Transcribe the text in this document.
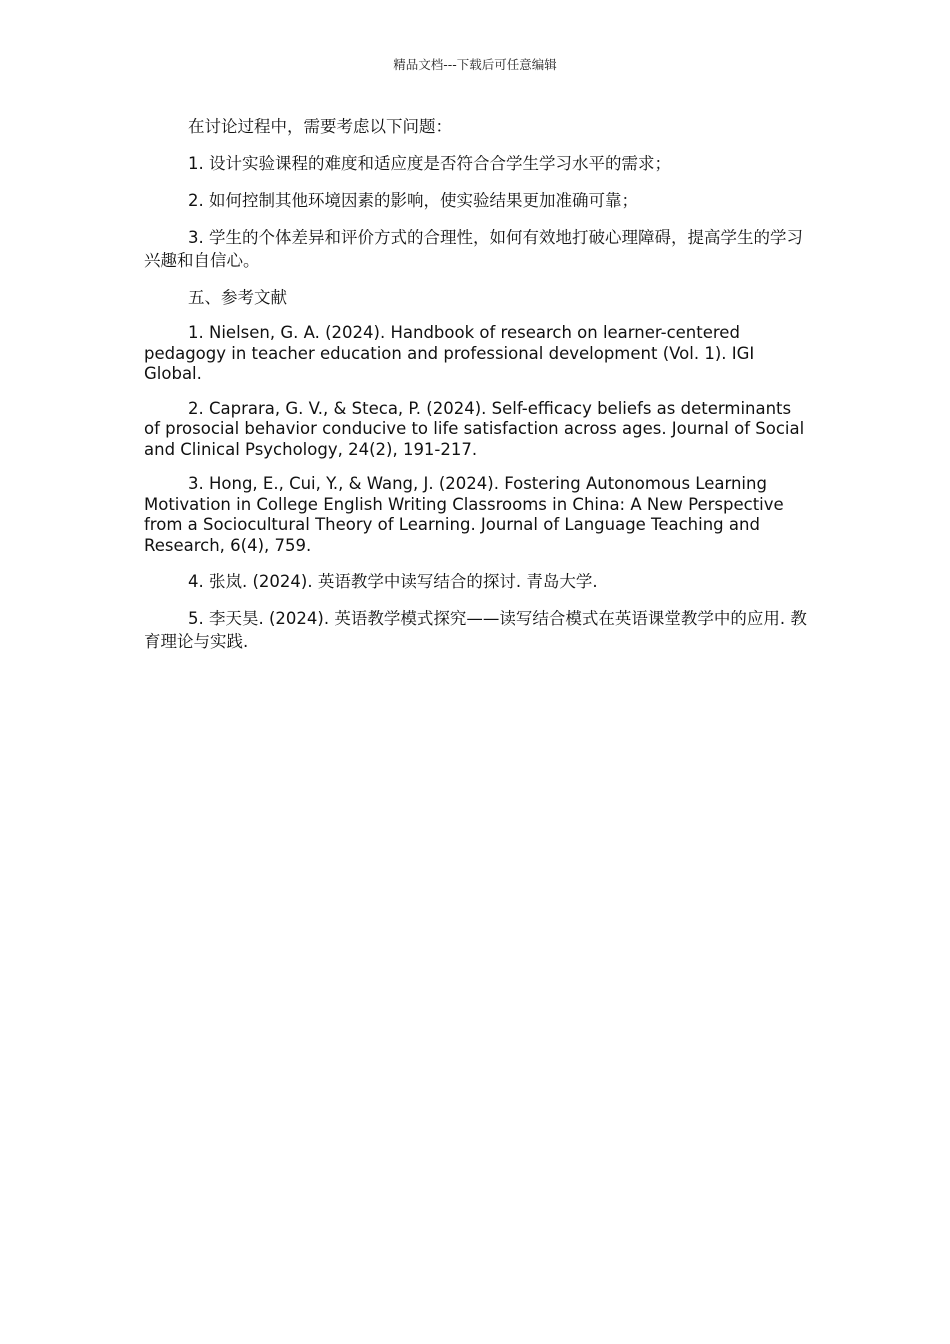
精品文档---下载后可任意编辑

在讨论过程中，需要考虑以下问题：

1. 设计实验课程的难度和适应度是否符合合学生学习水平的需求；

2. 如何控制其他环境因素的影响，使实验结果更加准确可靠；

3. 学生的个体差异和评价方式的合理性，如何有效地打破心理障碍，提高学生的学习兴趣和自信心。

五、参考文献

1. Nielsen, G. A. (2024). Handbook of research on learner-centered pedagogy in teacher education and professional development (Vol. 1). IGI Global.

2. Caprara, G. V., & Steca, P. (2024). Self-efficacy beliefs as determinants of prosocial behavior conducive to life satisfaction across ages. Journal of Social and Clinical Psychology, 24(2), 191-217.

3. Hong, E., Cui, Y., & Wang, J. (2024). Fostering Autonomous Learning Motivation in College English Writing Classrooms in China: A New Perspective from a Sociocultural Theory of Learning. Journal of Language Teaching and Research, 6(4), 759.

4. 张岚. (2024). 英语教学中读写结合的探讨. 青岛大学.

5. 李天昊. (2024). 英语教学模式探究——读写结合模式在英语课堂教学中的应用. 教育理论与实践.
